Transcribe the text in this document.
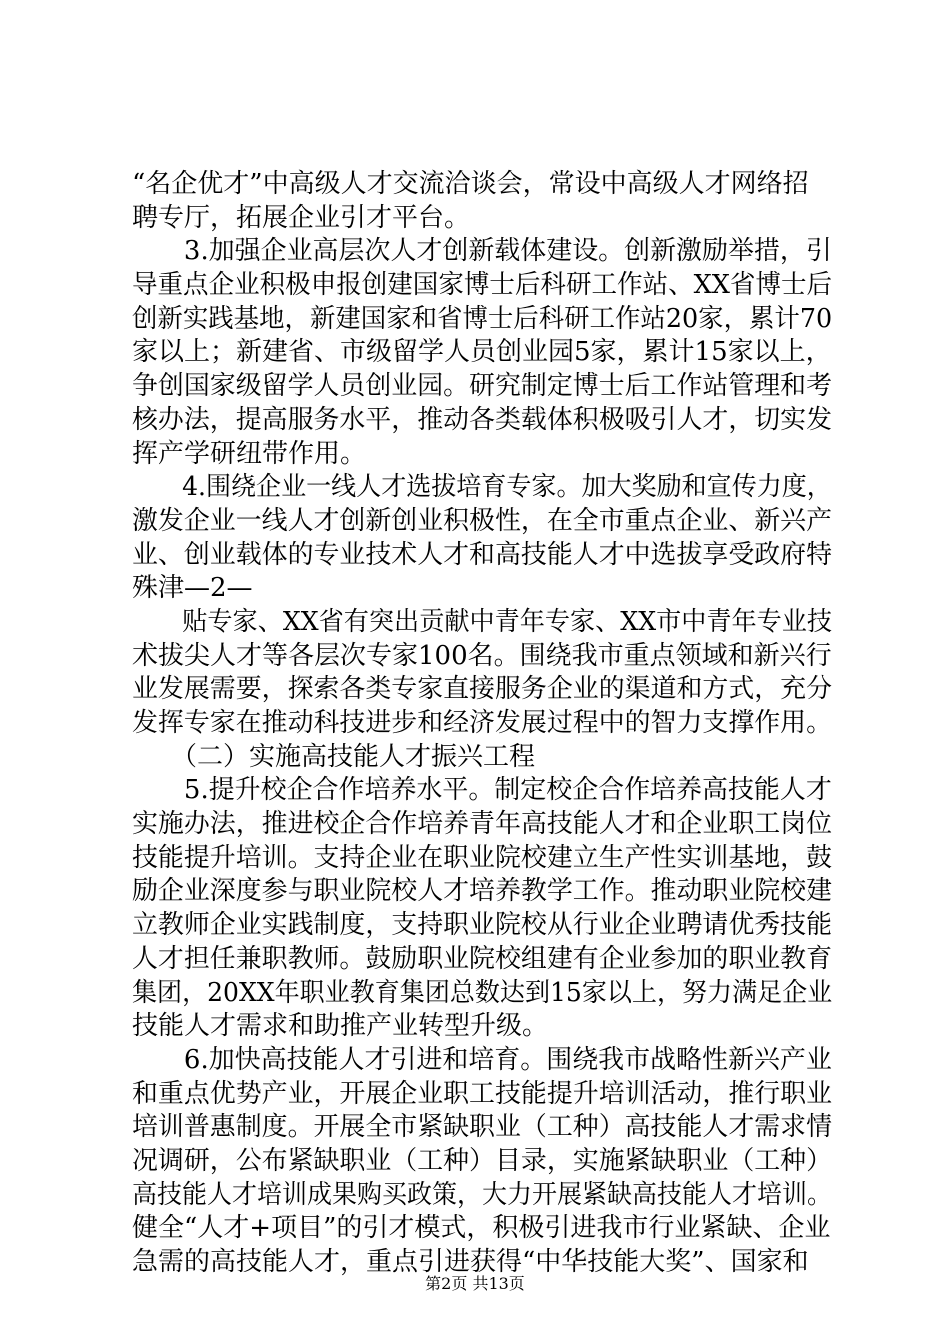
“名企优才”中高级人才交流洽谈会，常设中高级人才网络招
聘专厅，拓展企业引才平台。
　　3.加强企业高层次人才创新载体建设。创新激励举措，引
导重点企业积极申报创建国家博士后科研工作站、XX省博士后
创新实践基地，新建国家和省博士后科研工作站20家，累计70
家以上；新建省、市级留学人员创业园5家，累计15家以上，
争创国家级留学人员创业园。研究制定博士后工作站管理和考
核办法，提高服务水平，推动各类载体积极吸引人才，切实发
挥产学研纽带作用。
　　4.围绕企业一线人才选拔培育专家。加大奖励和宣传力度，
激发企业一线人才创新创业积极性，在全市重点企业、新兴产
业、创业载体的专业技术人才和高技能人才中选拔享受政府特
殊津—2—
　　贴专家、XX省有突出贡献中青年专家、XX市中青年专业技
术拔尖人才等各层次专家100名。围绕我市重点领域和新兴行
业发展需要，探索各类专家直接服务企业的渠道和方式，充分
发挥专家在推动科技进步和经济发展过程中的智力支撑作用。
　　（二）实施高技能人才振兴工程
　　5.提升校企合作培养水平。制定校企合作培养高技能人才
实施办法，推进校企合作培养青年高技能人才和企业职工岗位
技能提升培训。支持企业在职业院校建立生产性实训基地，鼓
励企业深度参与职业院校人才培养教学工作。推动职业院校建
立教师企业实践制度，支持职业院校从行业企业聘请优秀技能
人才担任兼职教师。鼓励职业院校组建有企业参加的职业教育
集团，20XX年职业教育集团总数达到15家以上，努力满足企业
技能人才需求和助推产业转型升级。
　　6.加快高技能人才引进和培育。围绕我市战略性新兴产业
和重点优势产业，开展企业职工技能提升培训活动，推行职业
培训普惠制度。开展全市紧缺职业（工种）高技能人才需求情
况调研，公布紧缺职业（工种）目录，实施紧缺职业（工种）
高技能人才培训成果购买政策，大力开展紧缺高技能人才培训。
健全“人才+项目”的引才模式，积极引进我市行业紧缺、企业
急需的高技能人才，重点引进获得“中华技能大奖”、国家和
第2页 共13页
